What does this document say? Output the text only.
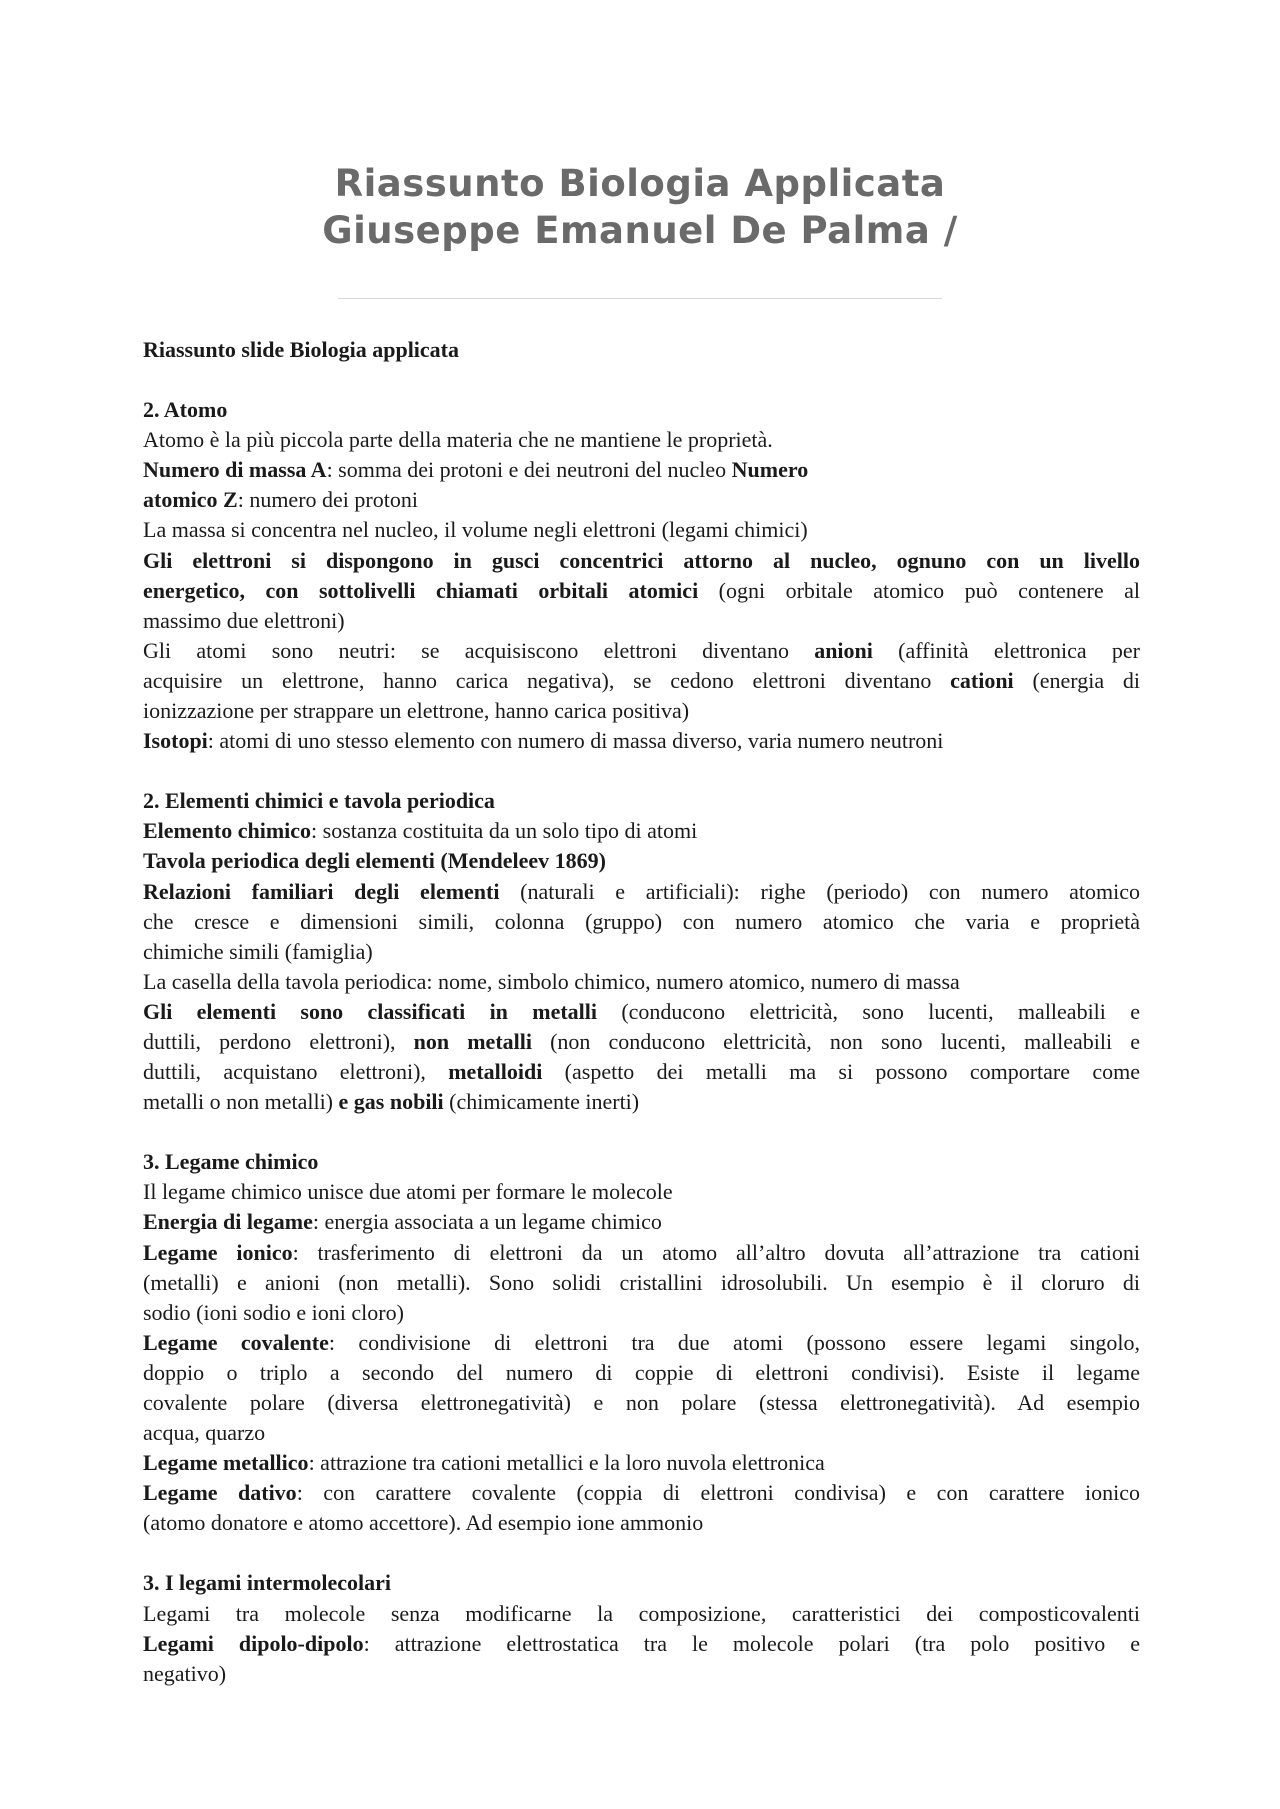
Riassunto Biologia Applicata
Giuseppe Emanuel De Palma /
Riassunto slide Biologia applicata
2. Atomo
Atomo è la più piccola parte della materia che ne mantiene le proprietà.
Numero di massa A: somma dei protoni e dei neutroni del nucleo Numero
atomico Z: numero dei protoni
La massa si concentra nel nucleo, il volume negli elettroni (legami chimici)
Gli elettroni si dispongono in gusci concentrici attorno al nucleo, ognuno con un livello
energetico, con sottolivelli chiamati orbitali atomici (ogni orbitale atomico può contenere al
massimo due elettroni)
Gli atomi sono neutri: se acquisiscono elettroni diventano anioni (affinità elettronica per
acquisire un elettrone, hanno carica negativa), se cedono elettroni diventano cationi (energia di
ionizzazione per strappare un elettrone, hanno carica positiva)
Isotopi: atomi di uno stesso elemento con numero di massa diverso, varia numero neutroni
2. Elementi chimici e tavola periodica
Elemento chimico: sostanza costituita da un solo tipo di atomi
Tavola periodica degli elementi (Mendeleev 1869)
Relazioni familiari degli elementi (naturali e artificiali): righe (periodo) con numero atomico
che cresce e dimensioni simili, colonna (gruppo) con numero atomico che varia e proprietà
chimiche simili (famiglia)
La casella della tavola periodica: nome, simbolo chimico, numero atomico, numero di massa
Gli elementi sono classificati in metalli (conducono elettricità, sono lucenti, malleabili e
duttili, perdono elettroni), non metalli (non conducono elettricità, non sono lucenti, malleabili e
duttili, acquistano elettroni), metalloidi (aspetto dei metalli ma si possono comportare come
metalli o non metalli) e gas nobili (chimicamente inerti)
3. Legame chimico
Il legame chimico unisce due atomi per formare le molecole
Energia di legame: energia associata a un legame chimico
Legame ionico: trasferimento di elettroni da un atomo all’altro dovuta all’attrazione tra cationi
(metalli) e anioni (non metalli). Sono solidi cristallini idrosolubili. Un esempio è il cloruro di
sodio (ioni sodio e ioni cloro)
Legame covalente: condivisione di elettroni tra due atomi (possono essere legami singolo,
doppio o triplo a secondo del numero di coppie di elettroni condivisi). Esiste il legame
covalente polare (diversa elettronegatività) e non polare (stessa elettronegatività). Ad esempio
acqua, quarzo
Legame metallico: attrazione tra cationi metallici e la loro nuvola elettronica
Legame dativo: con carattere covalente (coppia di elettroni condivisa) e con carattere ionico
(atomo donatore e atomo accettore). Ad esempio ione ammonio
3. I legami intermolecolari
Legami tra molecole senza modificarne la composizione, caratteristici dei composticovalenti
Legami dipolo-dipolo: attrazione elettrostatica tra le molecole polari (tra polo positivo e
negativo)
